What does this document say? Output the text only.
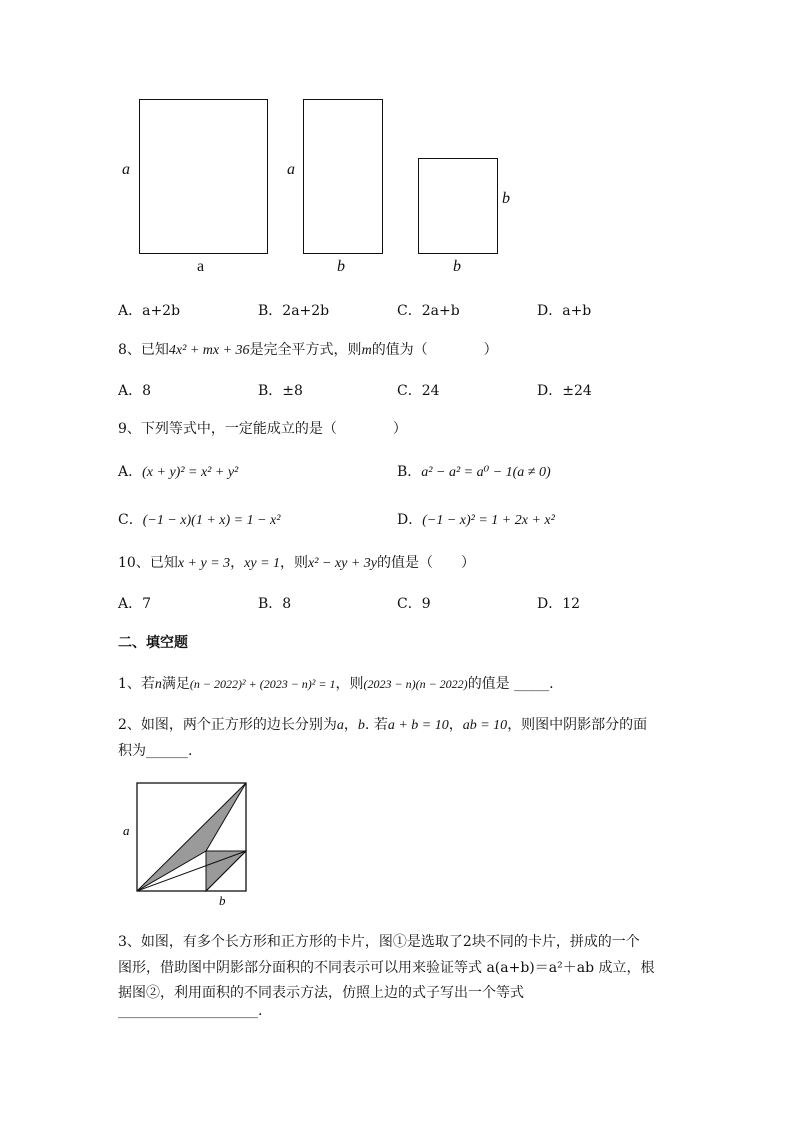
a
a
a
b
b
b
A．a+2b	B．2a+2b	C．2a+b	D．a+b
8、已知4x² + mx + 36是完全平方式，则m的值为（　　　　）
A．8	B．±8	C．24	D．±24
9、下列等式中，一定能成立的是（　　　　）
A．(x + y)² = x² + y²	B．a² − a² = a⁰ − 1(a ≠ 0)
C．(−1 − x)(1 + x) = 1 − x²	D．(−1 − x)² = 1 + 2x + x²
10、已知x + y = 3，xy = 1，则x² − xy + 3y的值是（　　）
A．7	B．8	C．9	D．12
二、填空题
1、若n满足(n − 2022)² + (2023 − n)² = 1，则(2023 − n)(n − 2022)的值是 _____.
2、如图，两个正方形的边长分别为a，b. 若a + b = 10，ab = 10，则图中阴影部分的面
积为______.
a
b
3、如图，有多个长方形和正方形的卡片，图①是选取了2块不同的卡片，拼成的一个
图形，借助图中阴影部分面积的不同表示可以用来验证等式 a(a+b)＝a²＋ab 成立，根
据图②，利用面积的不同表示方法，仿照上边的式子写出一个等式
____________________.
